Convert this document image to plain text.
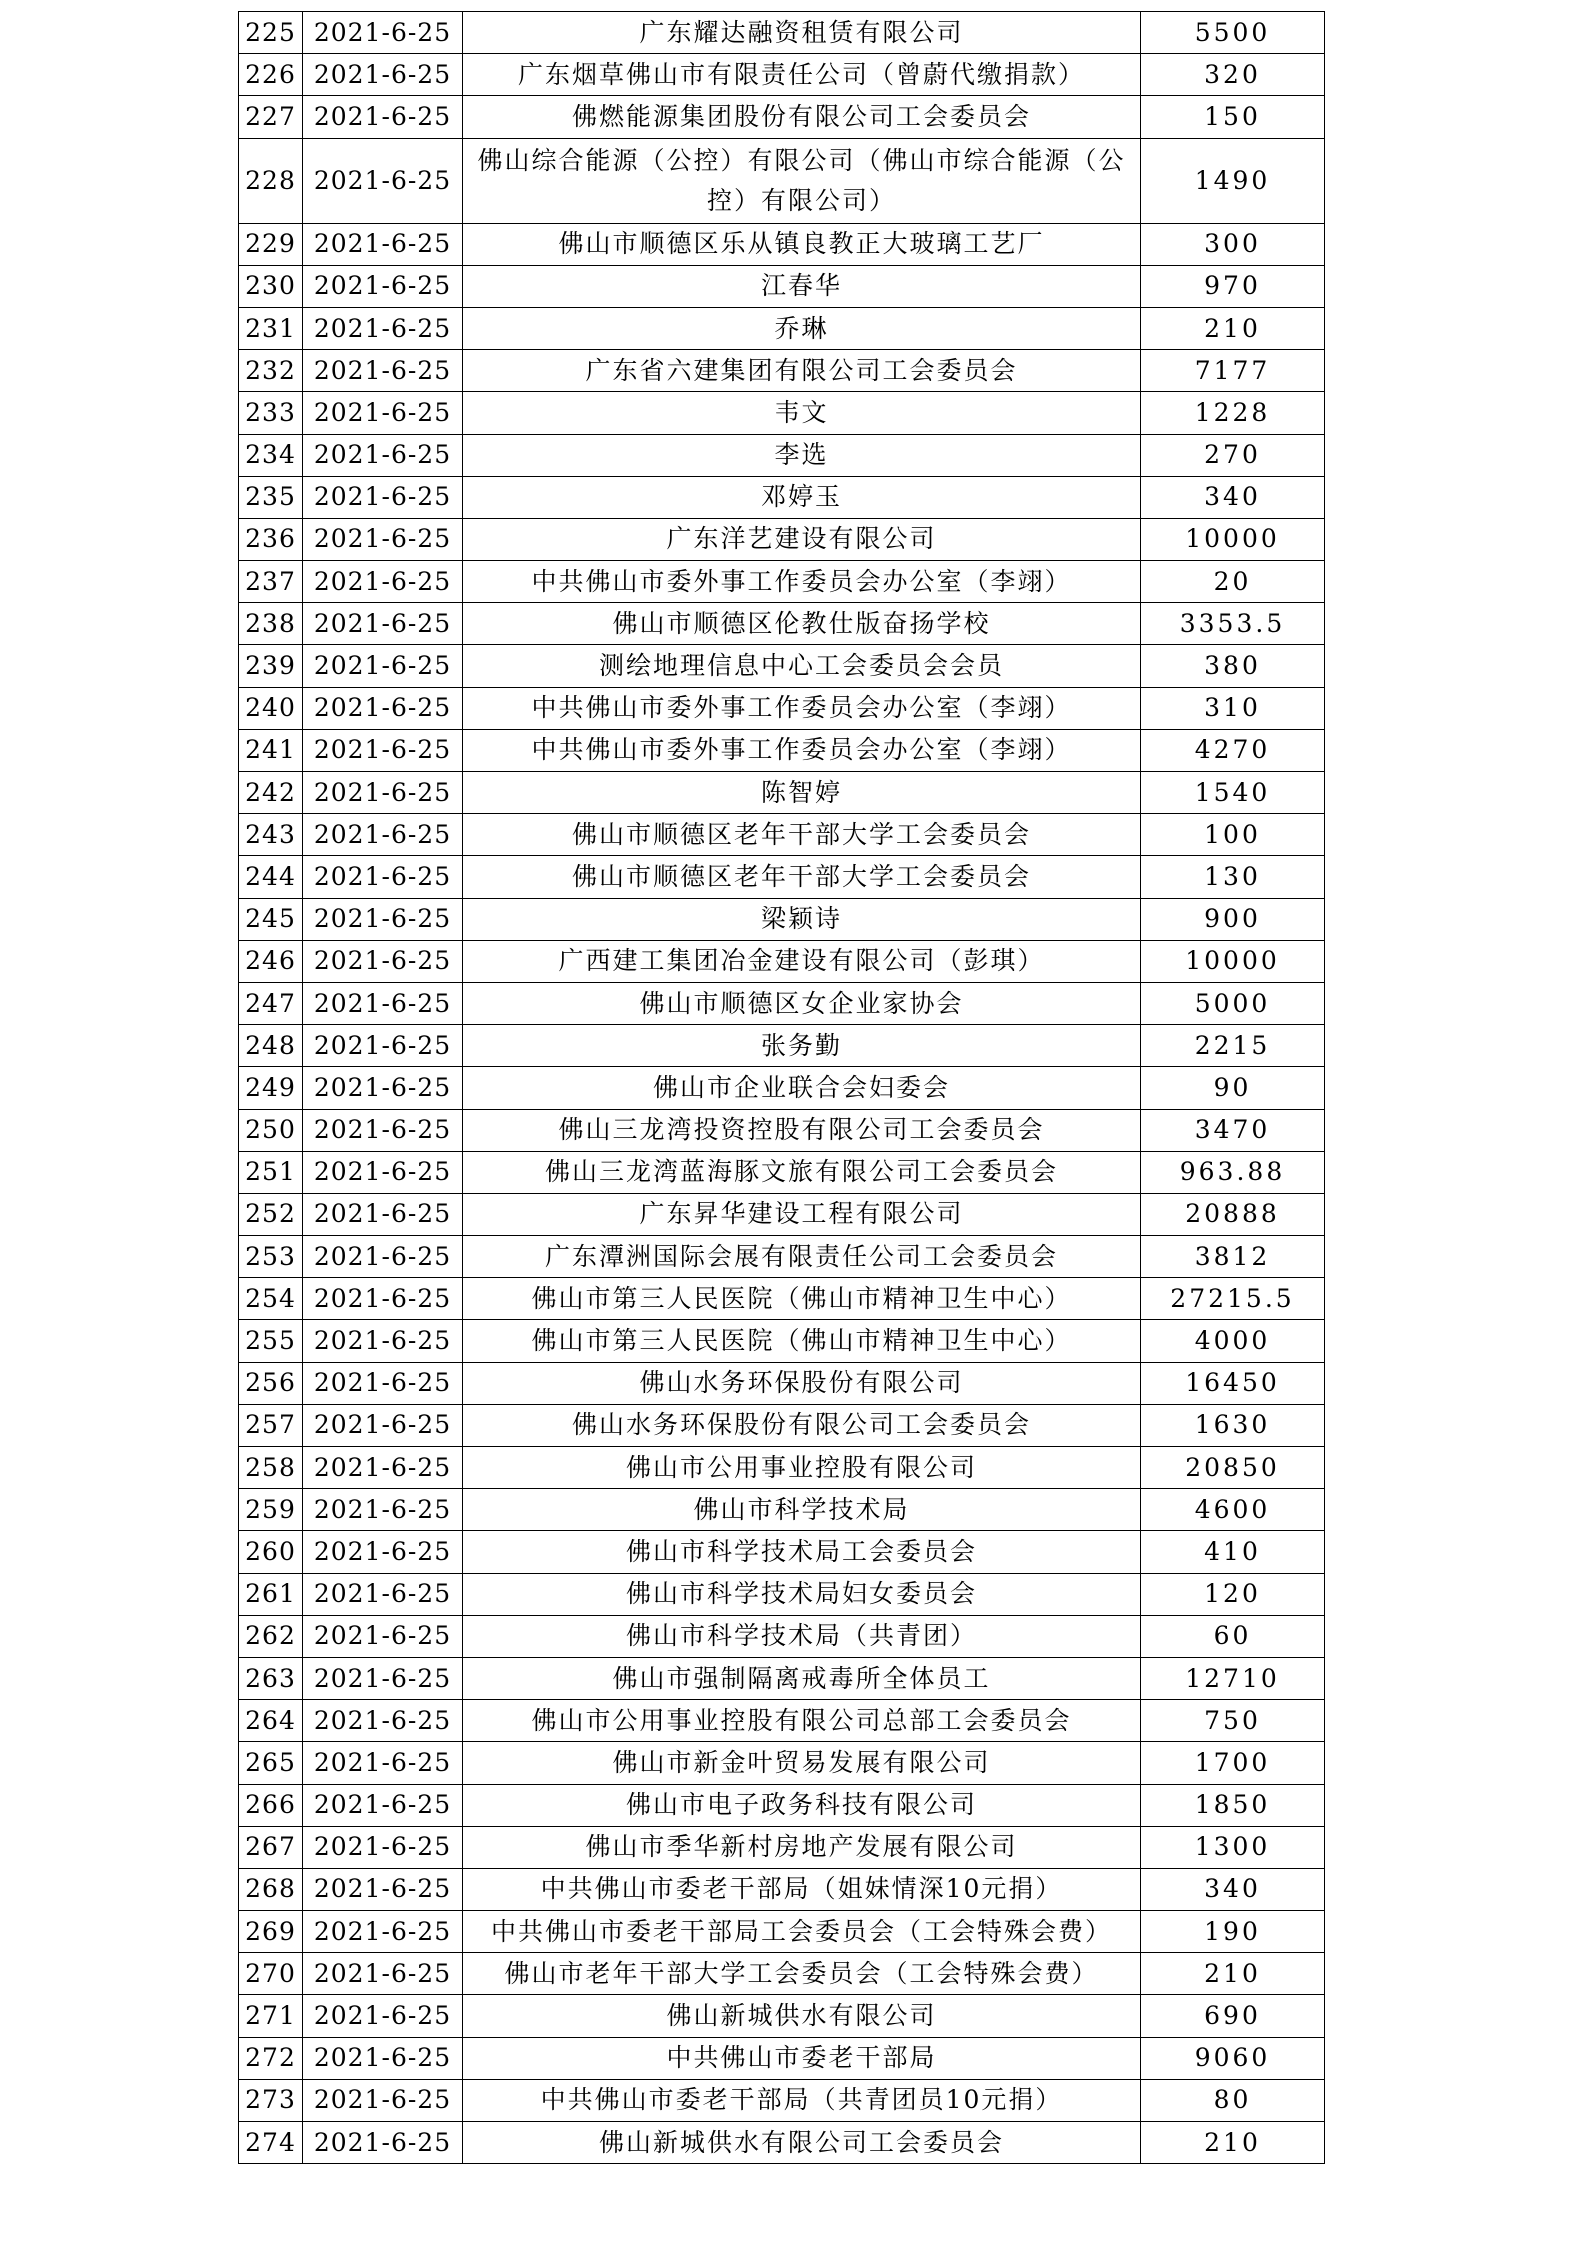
225	2021-6-25	广东耀达融资租赁有限公司	5500
226	2021-6-25	广东烟草佛山市有限责任公司（曾蔚代缴捐款）	320
227	2021-6-25	佛燃能源集团股份有限公司工会委员会	150
228	2021-6-25	佛山综合能源（公控）有限公司（佛山市综合能源（公控）有限公司）	1490
229	2021-6-25	佛山市顺德区乐从镇良教正大玻璃工艺厂	300
230	2021-6-25	江春华	970
231	2021-6-25	乔琳	210
232	2021-6-25	广东省六建集团有限公司工会委员会	7177
233	2021-6-25	韦文	1228
234	2021-6-25	李选	270
235	2021-6-25	邓婷玉	340
236	2021-6-25	广东洋艺建设有限公司	10000
237	2021-6-25	中共佛山市委外事工作委员会办公室（李翊）	20
238	2021-6-25	佛山市顺德区伦教仕版奋扬学校	3353.5
239	2021-6-25	测绘地理信息中心工会委员会会员	380
240	2021-6-25	中共佛山市委外事工作委员会办公室（李翊）	310
241	2021-6-25	中共佛山市委外事工作委员会办公室（李翊）	4270
242	2021-6-25	陈智婷	1540
243	2021-6-25	佛山市顺德区老年干部大学工会委员会	100
244	2021-6-25	佛山市顺德区老年干部大学工会委员会	130
245	2021-6-25	梁颖诗	900
246	2021-6-25	广西建工集团冶金建设有限公司（彭琪）	10000
247	2021-6-25	佛山市顺德区女企业家协会	5000
248	2021-6-25	张务勤	2215
249	2021-6-25	佛山市企业联合会妇委会	90
250	2021-6-25	佛山三龙湾投资控股有限公司工会委员会	3470
251	2021-6-25	佛山三龙湾蓝海豚文旅有限公司工会委员会	963.88
252	2021-6-25	广东昇华建设工程有限公司	20888
253	2021-6-25	广东潭洲国际会展有限责任公司工会委员会	3812
254	2021-6-25	佛山市第三人民医院（佛山市精神卫生中心）	27215.5
255	2021-6-25	佛山市第三人民医院（佛山市精神卫生中心）	4000
256	2021-6-25	佛山水务环保股份有限公司	16450
257	2021-6-25	佛山水务环保股份有限公司工会委员会	1630
258	2021-6-25	佛山市公用事业控股有限公司	20850
259	2021-6-25	佛山市科学技术局	4600
260	2021-6-25	佛山市科学技术局工会委员会	410
261	2021-6-25	佛山市科学技术局妇女委员会	120
262	2021-6-25	佛山市科学技术局（共青团）	60
263	2021-6-25	佛山市强制隔离戒毒所全体员工	12710
264	2021-6-25	佛山市公用事业控股有限公司总部工会委员会	750
265	2021-6-25	佛山市新金叶贸易发展有限公司	1700
266	2021-6-25	佛山市电子政务科技有限公司	1850
267	2021-6-25	佛山市季华新村房地产发展有限公司	1300
268	2021-6-25	中共佛山市委老干部局（姐妹情深10元捐）	340
269	2021-6-25	中共佛山市委老干部局工会委员会（工会特殊会费）	190
270	2021-6-25	佛山市老年干部大学工会委员会（工会特殊会费）	210
271	2021-6-25	佛山新城供水有限公司	690
272	2021-6-25	中共佛山市委老干部局	9060
273	2021-6-25	中共佛山市委老干部局（共青团员10元捐）	80
274	2021-6-25	佛山新城供水有限公司工会委员会	210
